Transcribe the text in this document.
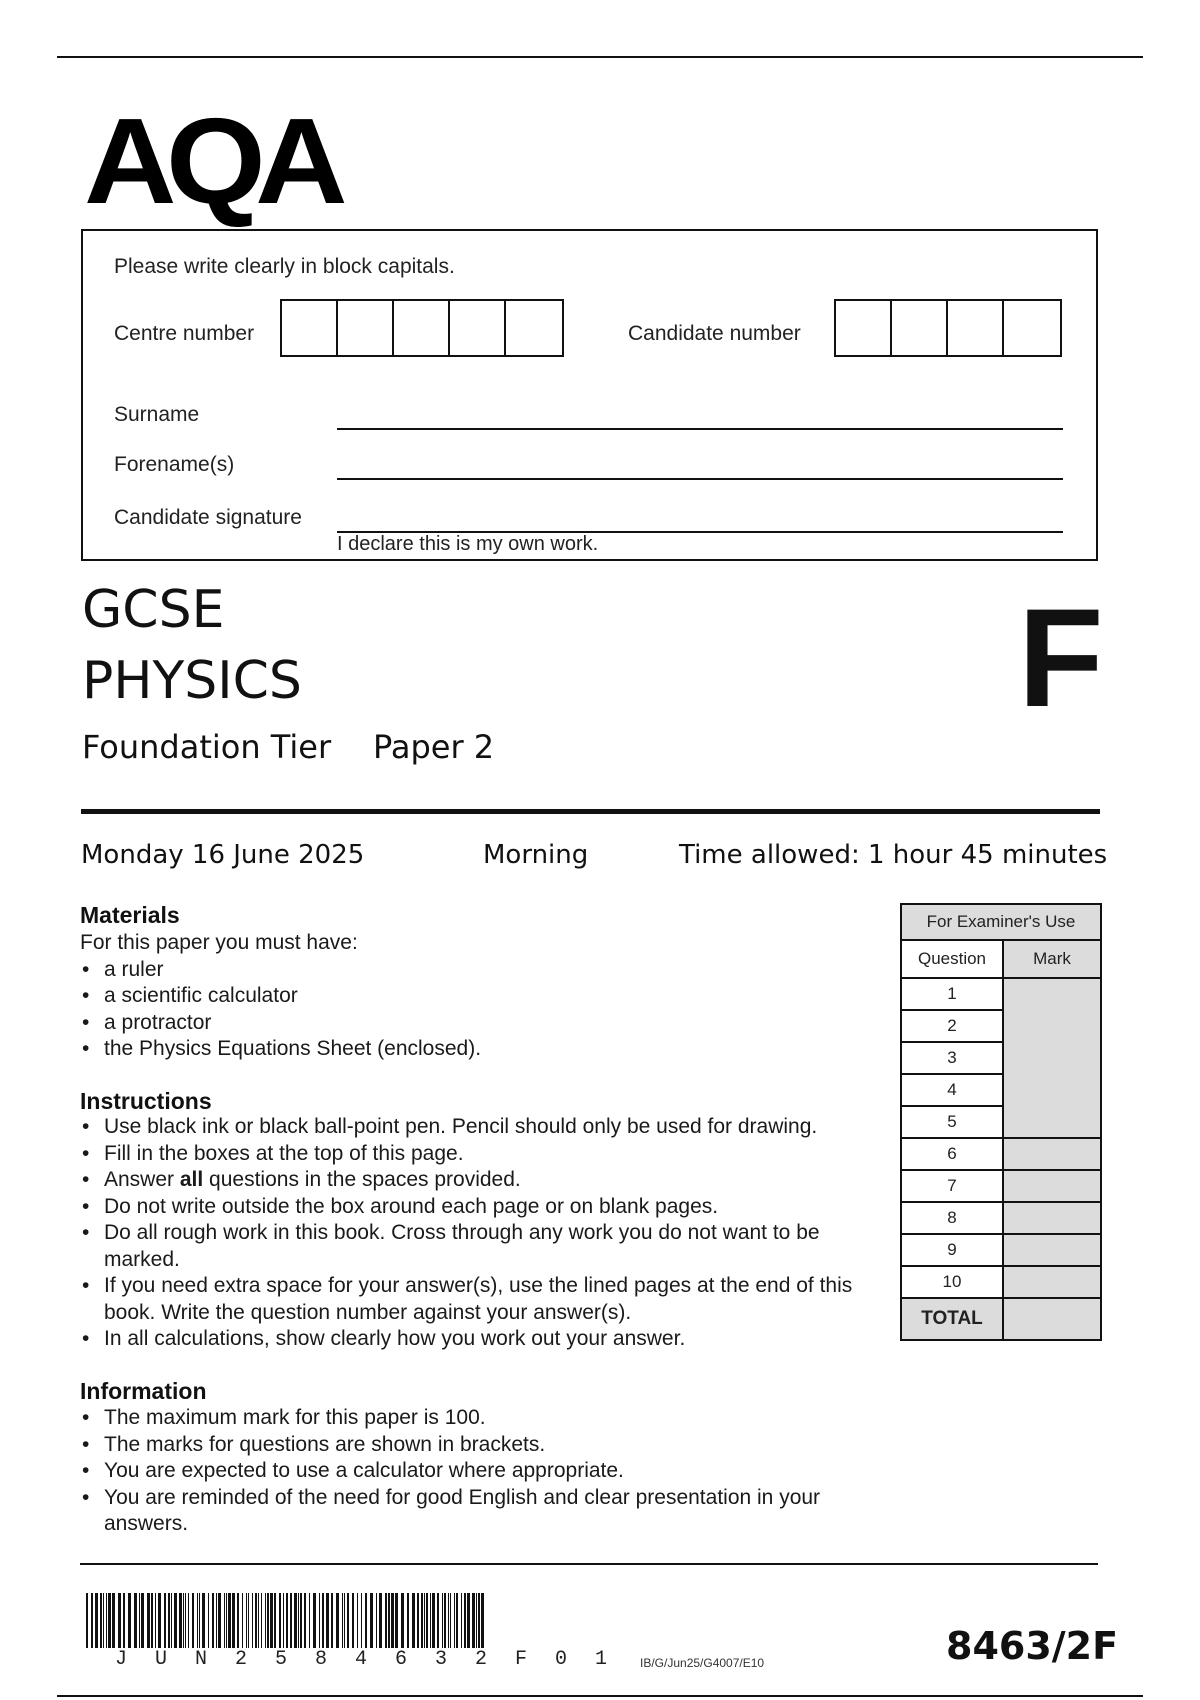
AQA
Please write clearly in block capitals.
Centre number	Candidate number
Surname
Forename(s)
Candidate signature
I declare this is my own work.
GCSE
PHYSICS
Foundation Tier Paper 2
F
Monday 16 June 2025	Morning	Time allowed: 1 hour 45 minutes
Materials
For this paper you must have:
• a ruler
• a scientific calculator
• a protractor
• the Physics Equations Sheet (enclosed).
Instructions
• Use black ink or black ball-point pen. Pencil should only be used for drawing.
• Fill in the boxes at the top of this page.
• Answer all questions in the spaces provided.
• Do not write outside the box around each page or on blank pages.
• Do all rough work in this book. Cross through any work you do not want to be marked.
• If you need extra space for your answer(s), use the lined pages at the end of this book. Write the question number against your answer(s).
• In all calculations, show clearly how you work out your answer.
Information
• The maximum mark for this paper is 100.
• The marks for questions are shown in brackets.
• You are expected to use a calculator where appropriate.
• You are reminded of the need for good English and clear presentation in your answers.
For Examiner's Use	
Question	Mark
1	
2	
3	
4	
5	
6	
7	
8	
9	
10	
TOTAL	
J U N 2 5 8 4 6 3 2 F 0 1 IB/G/Jun25/G4007/E10	8463/2F
